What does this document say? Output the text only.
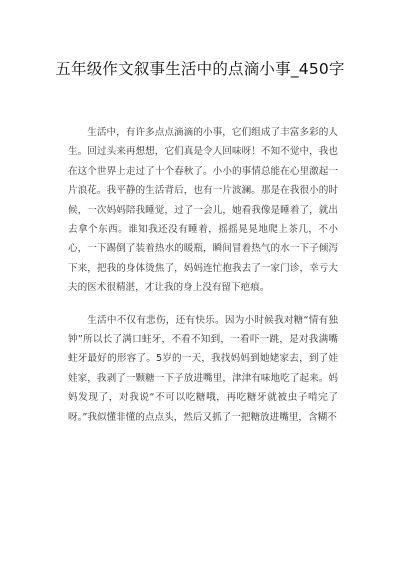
五年级作文叙事生活中的点滴小事_450字

生活中，有许多点点滴滴的小事，它们组成了丰富多彩的人生。回过头来再想想，它们真是令人回味呀！不知不觉中，我也在这个世界上走过了十个春秋了。小小的事情总能在心里激起一片浪花。我平静的生活背后，也有一片波澜。那是在我很小的时候，一次妈妈陪我睡觉，过了一会儿，她看我像是睡着了，就出去拿个东西。谁知我还没有睡着，摇摇晃晃地爬上茶几，不小心，一下踢倒了装着热水的暖瓶，瞬间冒着热气的水一下子倾泻下来，把我的身体烫焦了，妈妈连忙抱我去了一家门诊，幸亏大夫的医术很精湛，才让我的身上没有留下疤痕。

生活中不仅有悲伤，还有快乐。因为小时候我对糖“情有独钟”所以长了满口蛀牙，不看不知到，一看吓一跳，是对我满嘴蛀牙最好的形容了。5岁的一天，我找妈妈到她姥家去，到了娃娃家，我剥了一颗糖一下子放进嘴里，津津有味地吃了起来。妈妈发现了，对我说“不可以吃糖哦，再吃糖牙就被虫子啃完了呀。”我似懂非懂的点点头，然后又抓了一把糖放进嘴里，含糊不
